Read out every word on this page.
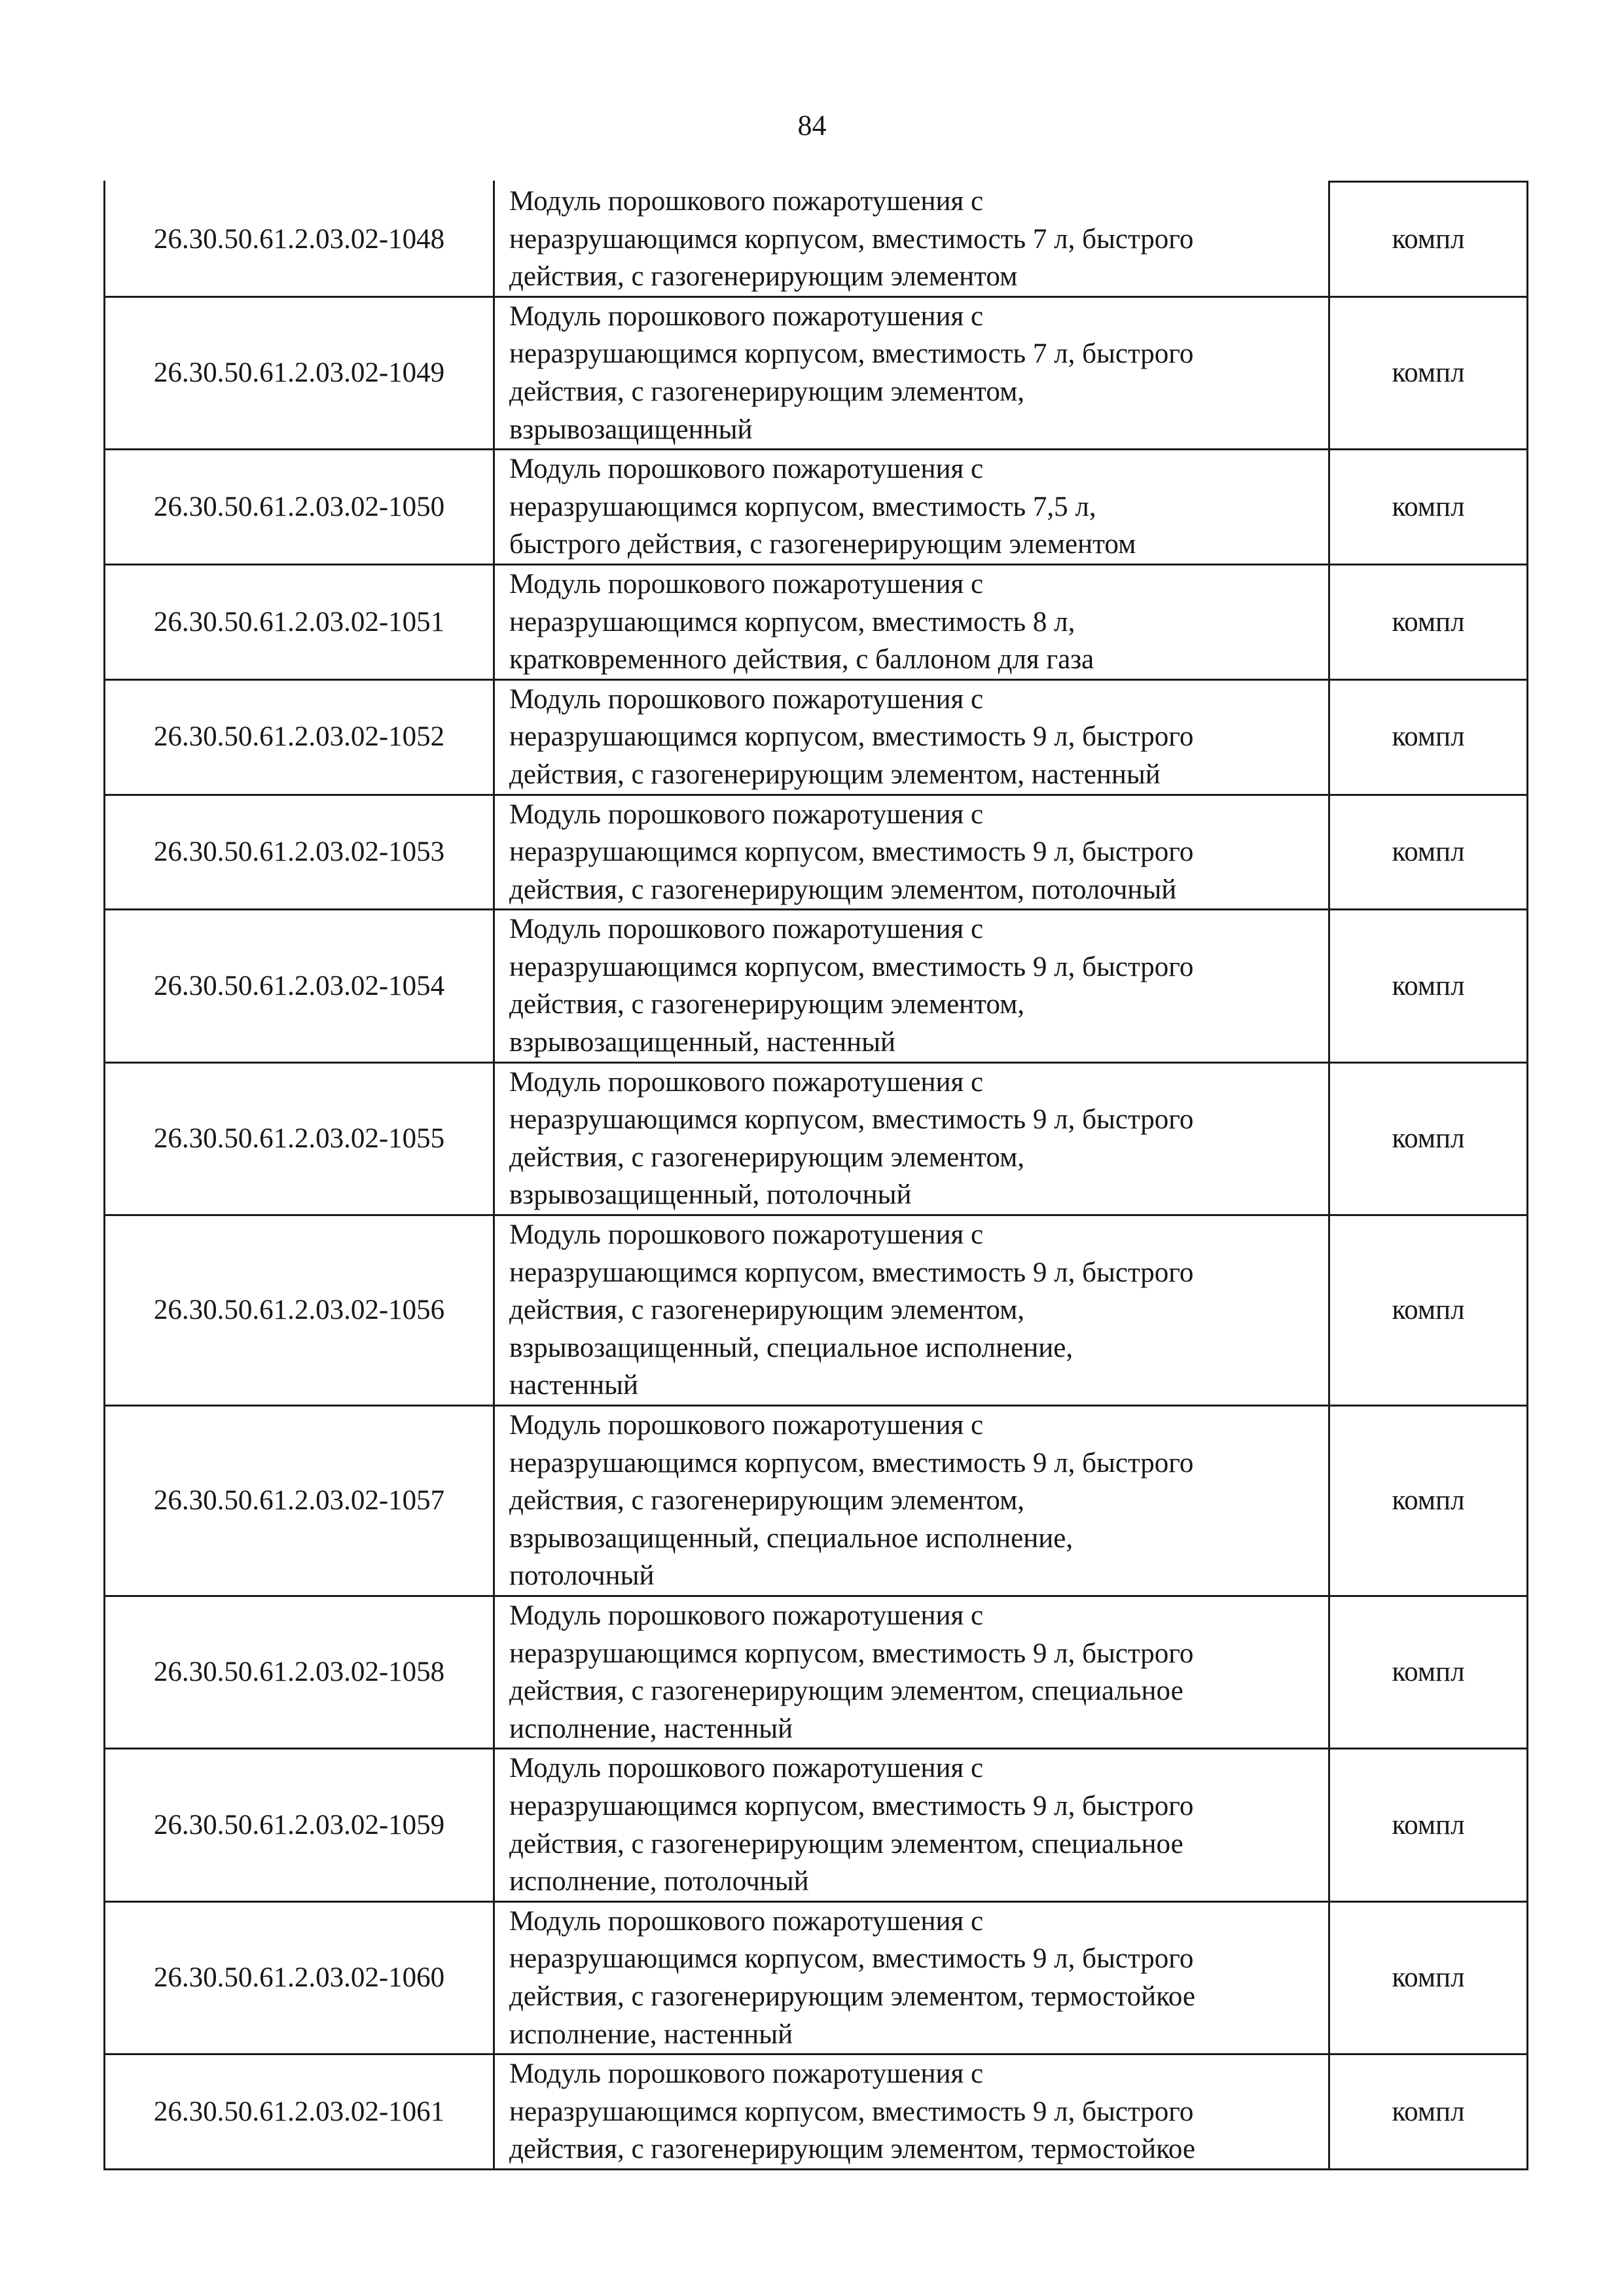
84
26.30.50.61.2.03.02-1048	Модуль порошкового пожаротушения с
неразрушающимся корпусом, вместимость 7 л, быстрого
действия, с газогенерирующим элементом	компл
26.30.50.61.2.03.02-1049	Модуль порошкового пожаротушения с
неразрушающимся корпусом, вместимость 7 л, быстрого
действия, с газогенерирующим элементом,
взрывозащищенный	компл
26.30.50.61.2.03.02-1050	Модуль порошкового пожаротушения с
неразрушающимся корпусом, вместимость 7,5 л,
быстрого действия, с газогенерирующим элементом	компл
26.30.50.61.2.03.02-1051	Модуль порошкового пожаротушения с
неразрушающимся корпусом, вместимость 8 л,
кратковременного действия, с баллоном для газа	компл
26.30.50.61.2.03.02-1052	Модуль порошкового пожаротушения с
неразрушающимся корпусом, вместимость 9 л, быстрого
действия, с газогенерирующим элементом, настенный	компл
26.30.50.61.2.03.02-1053	Модуль порошкового пожаротушения с
неразрушающимся корпусом, вместимость 9 л, быстрого
действия, с газогенерирующим элементом, потолочный	компл
26.30.50.61.2.03.02-1054	Модуль порошкового пожаротушения с
неразрушающимся корпусом, вместимость 9 л, быстрого
действия, с газогенерирующим элементом,
взрывозащищенный, настенный	компл
26.30.50.61.2.03.02-1055	Модуль порошкового пожаротушения с
неразрушающимся корпусом, вместимость 9 л, быстрого
действия, с газогенерирующим элементом,
взрывозащищенный, потолочный	компл
26.30.50.61.2.03.02-1056	Модуль порошкового пожаротушения с
неразрушающимся корпусом, вместимость 9 л, быстрого
действия, с газогенерирующим элементом,
взрывозащищенный, специальное исполнение,
настенный	компл
26.30.50.61.2.03.02-1057	Модуль порошкового пожаротушения с
неразрушающимся корпусом, вместимость 9 л, быстрого
действия, с газогенерирующим элементом,
взрывозащищенный, специальное исполнение,
потолочный	компл
26.30.50.61.2.03.02-1058	Модуль порошкового пожаротушения с
неразрушающимся корпусом, вместимость 9 л, быстрого
действия, с газогенерирующим элементом, специальное
исполнение, настенный	компл
26.30.50.61.2.03.02-1059	Модуль порошкового пожаротушения с
неразрушающимся корпусом, вместимость 9 л, быстрого
действия, с газогенерирующим элементом, специальное
исполнение, потолочный	компл
26.30.50.61.2.03.02-1060	Модуль порошкового пожаротушения с
неразрушающимся корпусом, вместимость 9 л, быстрого
действия, с газогенерирующим элементом, термостойкое
исполнение, настенный	компл
26.30.50.61.2.03.02-1061	Модуль порошкового пожаротушения с
неразрушающимся корпусом, вместимость 9 л, быстрого
действия, с газогенерирующим элементом, термостойкое	компл
